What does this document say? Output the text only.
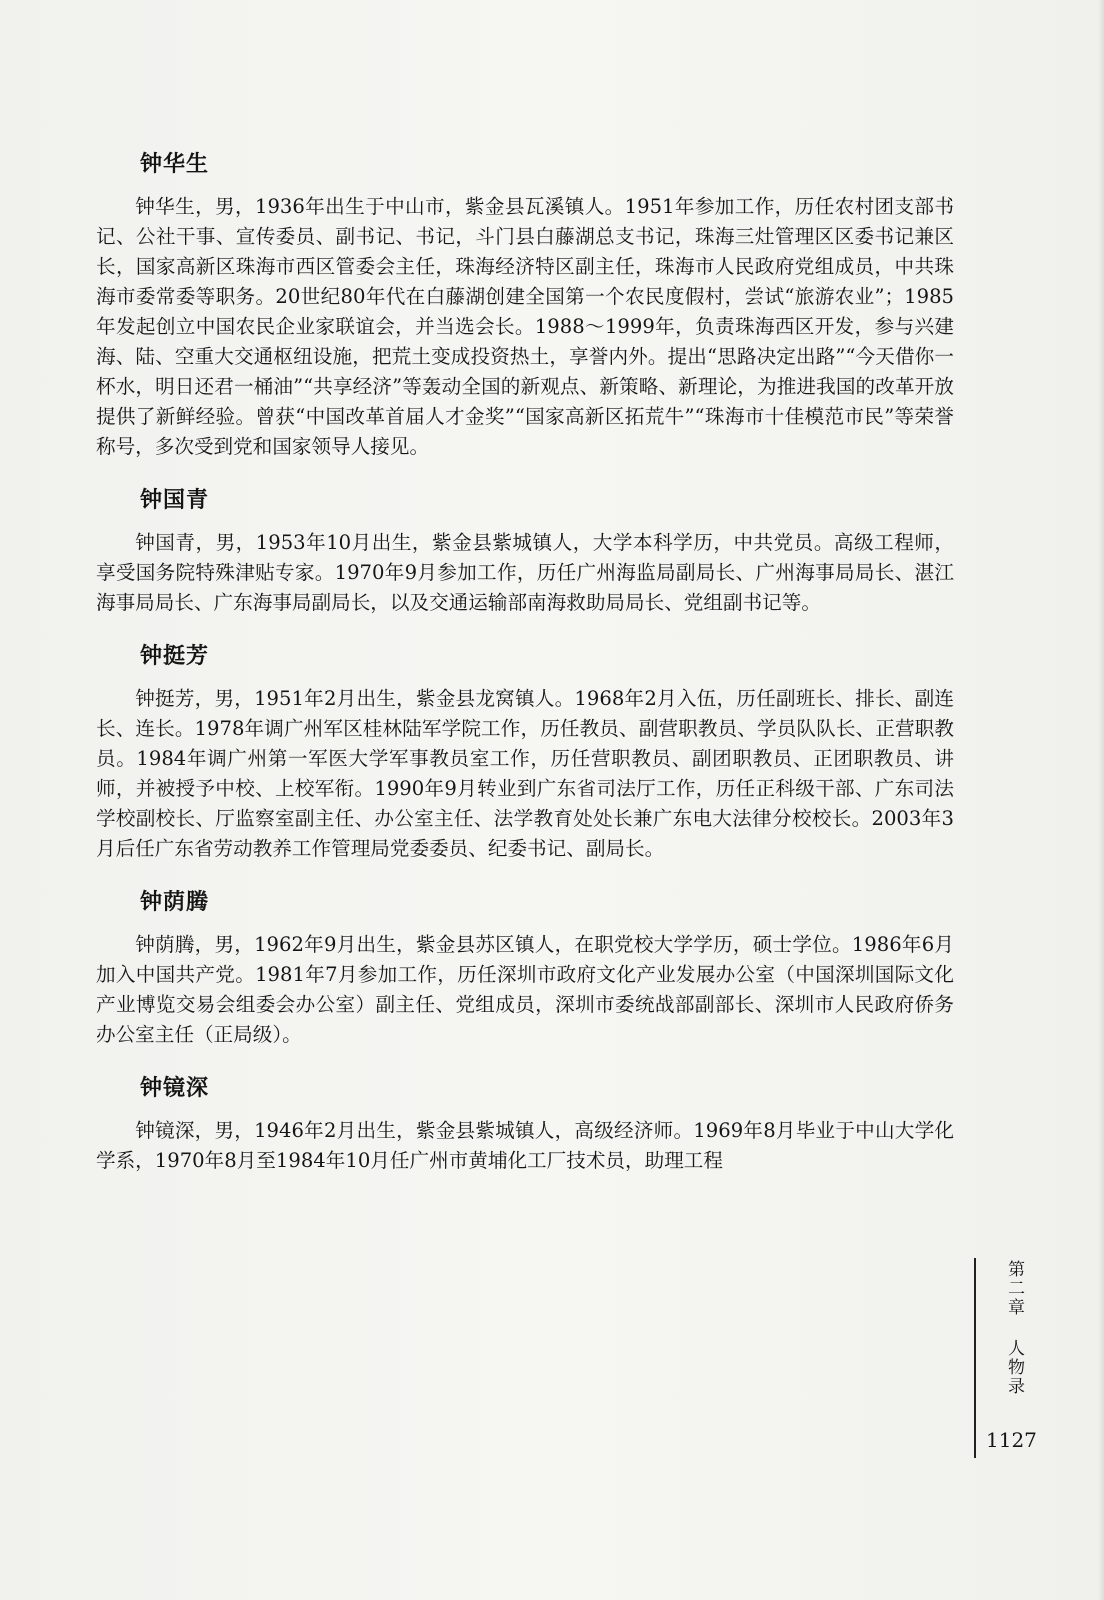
钟华生

钟华生，男，1936年出生于中山市，紫金县瓦溪镇人。1951年参加工作，历任农村团支部书记、公社干事、宣传委员、副书记、书记，斗门县白藤湖总支书记，珠海三灶管理区区委书记兼区长，国家高新区珠海市西区管委会主任，珠海经济特区副主任，珠海市人民政府党组成员，中共珠海市委常委等职务。20世纪80年代在白藤湖创建全国第一个农民度假村，尝试“旅游农业”；1985年发起创立中国农民企业家联谊会，并当选会长。1988～1999年，负责珠海西区开发，参与兴建海、陆、空重大交通枢纽设施，把荒土变成投资热土，享誉内外。提出“思路决定出路”“今天借你一杯水，明日还君一桶油”“共享经济”等轰动全国的新观点、新策略、新理论，为推进我国的改革开放提供了新鲜经验。曾获“中国改革首届人才金奖”“国家高新区拓荒牛”“珠海市十佳模范市民”等荣誉称号，多次受到党和国家领导人接见。

钟国青

钟国青，男，1953年10月出生，紫金县紫城镇人，大学本科学历，中共党员。高级工程师，享受国务院特殊津贴专家。1970年9月参加工作，历任广州海监局副局长、广州海事局局长、湛江海事局局长、广东海事局副局长，以及交通运输部南海救助局局长、党组副书记等。

钟挺芳

钟挺芳，男，1951年2月出生，紫金县龙窝镇人。1968年2月入伍，历任副班长、排长、副连长、连长。1978年调广州军区桂林陆军学院工作，历任教员、副营职教员、学员队队长、正营职教员。1984年调广州第一军医大学军事教员室工作，历任营职教员、副团职教员、正团职教员、讲师，并被授予中校、上校军衔。1990年9月转业到广东省司法厅工作，历任正科级干部、广东司法学校副校长、厅监察室副主任、办公室主任、法学教育处处长兼广东电大法律分校校长。2003年3月后任广东省劳动教养工作管理局党委委员、纪委书记、副局长。

钟荫腾

钟荫腾，男，1962年9月出生，紫金县苏区镇人，在职党校大学学历，硕士学位。1986年6月加入中国共产党。1981年7月参加工作，历任深圳市政府文化产业发展办公室（中国深圳国际文化产业博览交易会组委会办公室）副主任、党组成员，深圳市委统战部副部长、深圳市人民政府侨务办公室主任（正局级）。

钟镜深

钟镜深，男，1946年2月出生，紫金县紫城镇人，高级经济师。1969年8月毕业于中山大学化学系，1970年8月至1984年10月任广州市黄埔化工厂技术员，助理工程

第二章 人物录
1127
